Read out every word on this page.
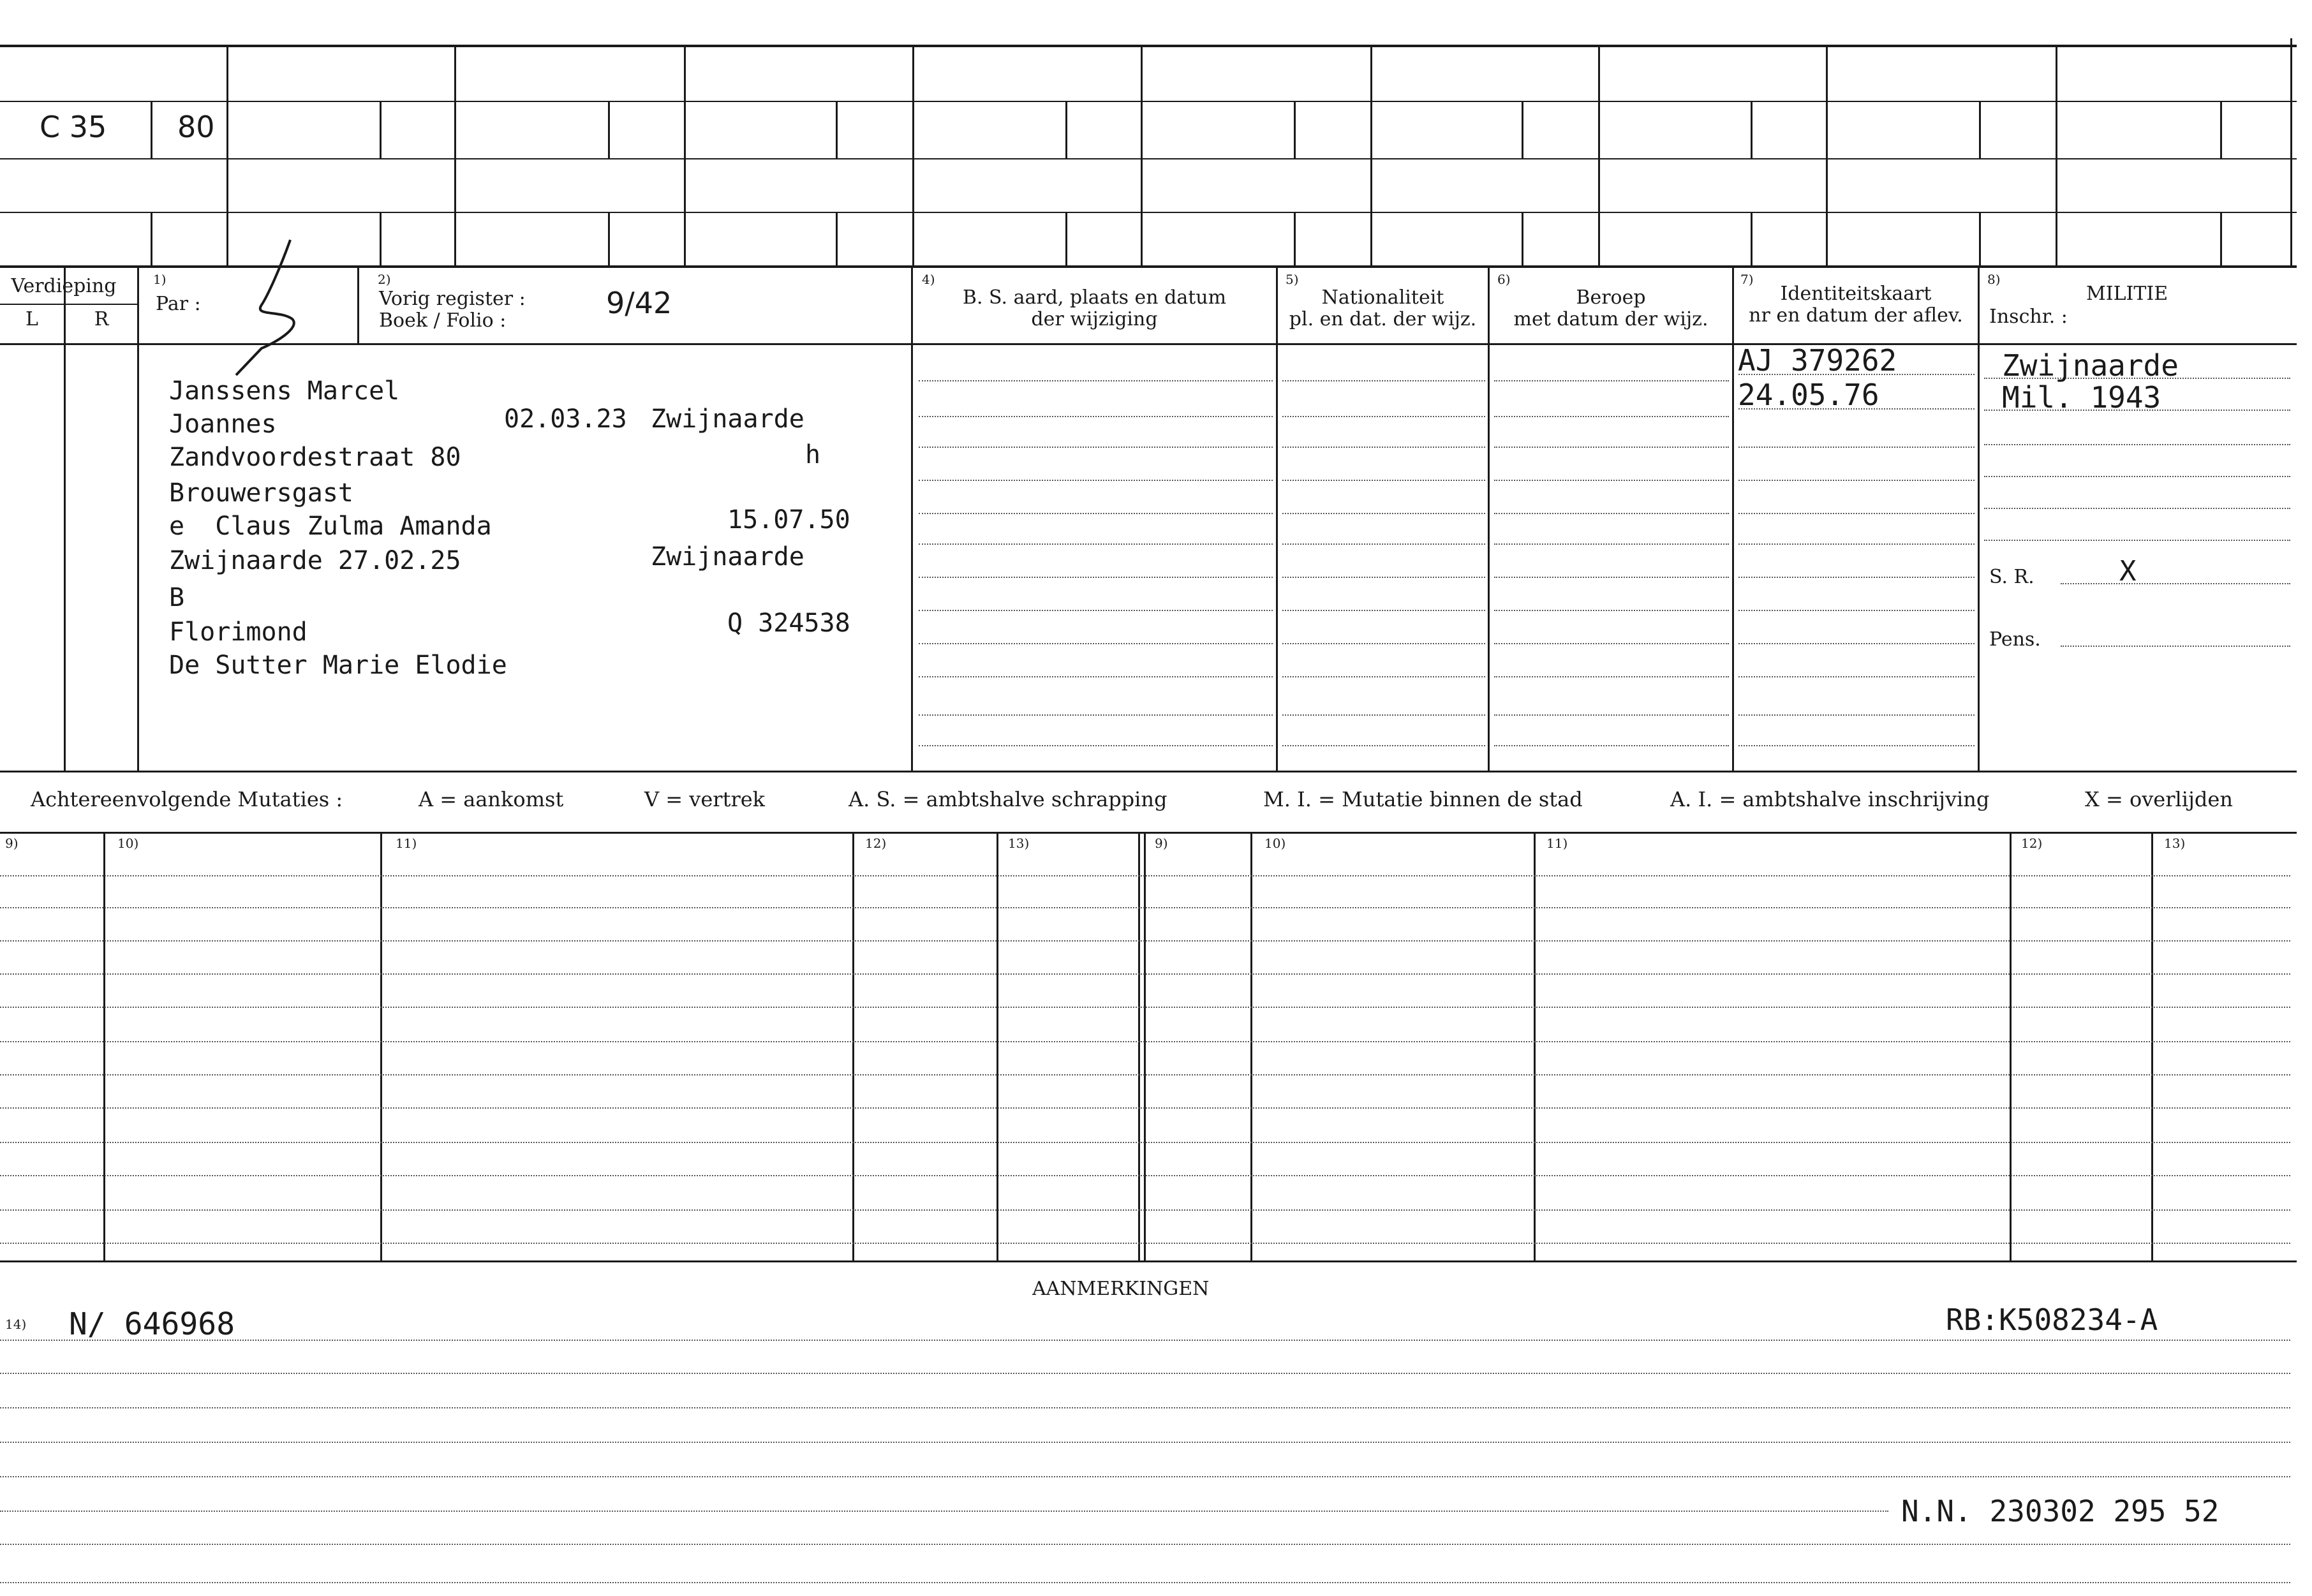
C 35 80
Verdieping
L	R
1)
Par :
2)
Vorig register :
Boek / Folio :
9/42
4)
B. S. aard, plaats en datum
der wijziging
5)
Nationaliteit
pl. en dat. der wijz.
6)
Beroep
met datum der wijz.
7)
Identiteitskaart
nr en datum der aflev.
8)
MILITIE
Inschr. :
Janssens Marcel
Joannes	02.03.23 Zwijnaarde
Zandvoordestraat 80	h
Brouwersgast
e  Claus Zulma Amanda	15.07.50
Zwijnaarde 27.02.25	Zwijnaarde
B
Florimond	Q 324538
De Sutter Marie Elodie
AJ 379262
24.05.76
Zwijnaarde
Mil. 1943
S. R.	X
Pens.
Achtereenvolgende Mutaties :	A = aankomst	V = vertrek	A. S. = ambtshalve schrapping	M. I. = Mutatie binnen de stad	A. I. = ambtshalve inschrijving	X = overlijden
9)	10)	11)	12)	13)	9)	10)	11)	12)	13)
AANMERKINGEN
14) N/ 646968	RB:K508234-A
N.N. 230302 295 52
